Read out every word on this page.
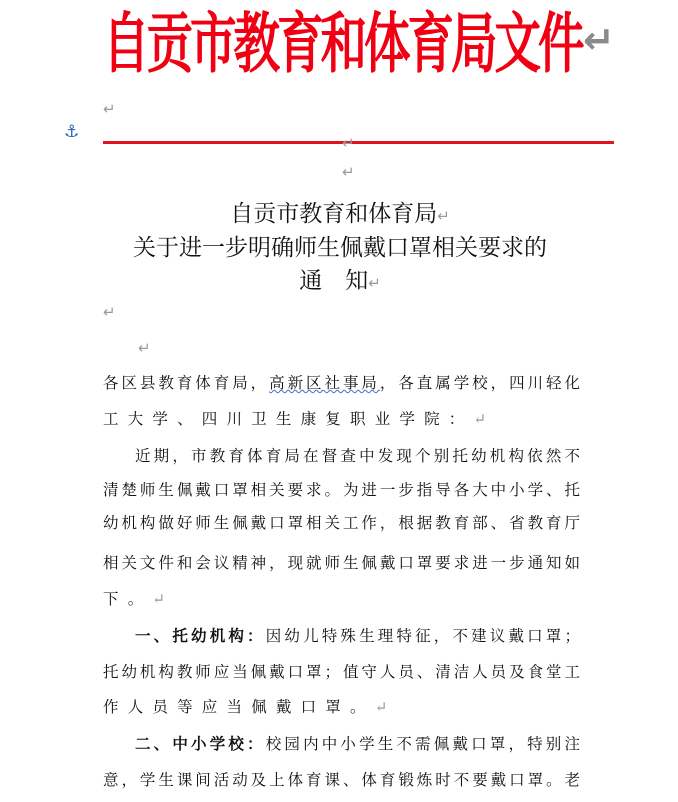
自贡市教育和体育局文件 ↵
↵
⚓
↵
↵
自贡市教育和体育局↵
关于进一步明确师生佩戴口罩相关要求的
通　知↵
↵
↵
各区县教育体育局，高新区社事局，各直属学校，四川轻化
工大学、四川卫生康复职业学院：↵
近期，市教育体育局在督查中发现个别托幼机构依然不
清楚师生佩戴口罩相关要求。为进一步指导各大中小学、托
幼机构做好师生佩戴口罩相关工作，根据教育部、省教育厅
相关文件和会议精神，现就师生佩戴口罩要求进一步通知如
下。↵
一、托幼机构：因幼儿特殊生理特征，不建议戴口罩；
托幼机构教师应当佩戴口罩；值守人员、清洁人员及食堂工
作人员等应当佩戴口罩。↵
二、中小学校：校园内中小学生不需佩戴口罩，特别注
意，学生课间活动及上体育课、体育锻炼时不要戴口罩。老
